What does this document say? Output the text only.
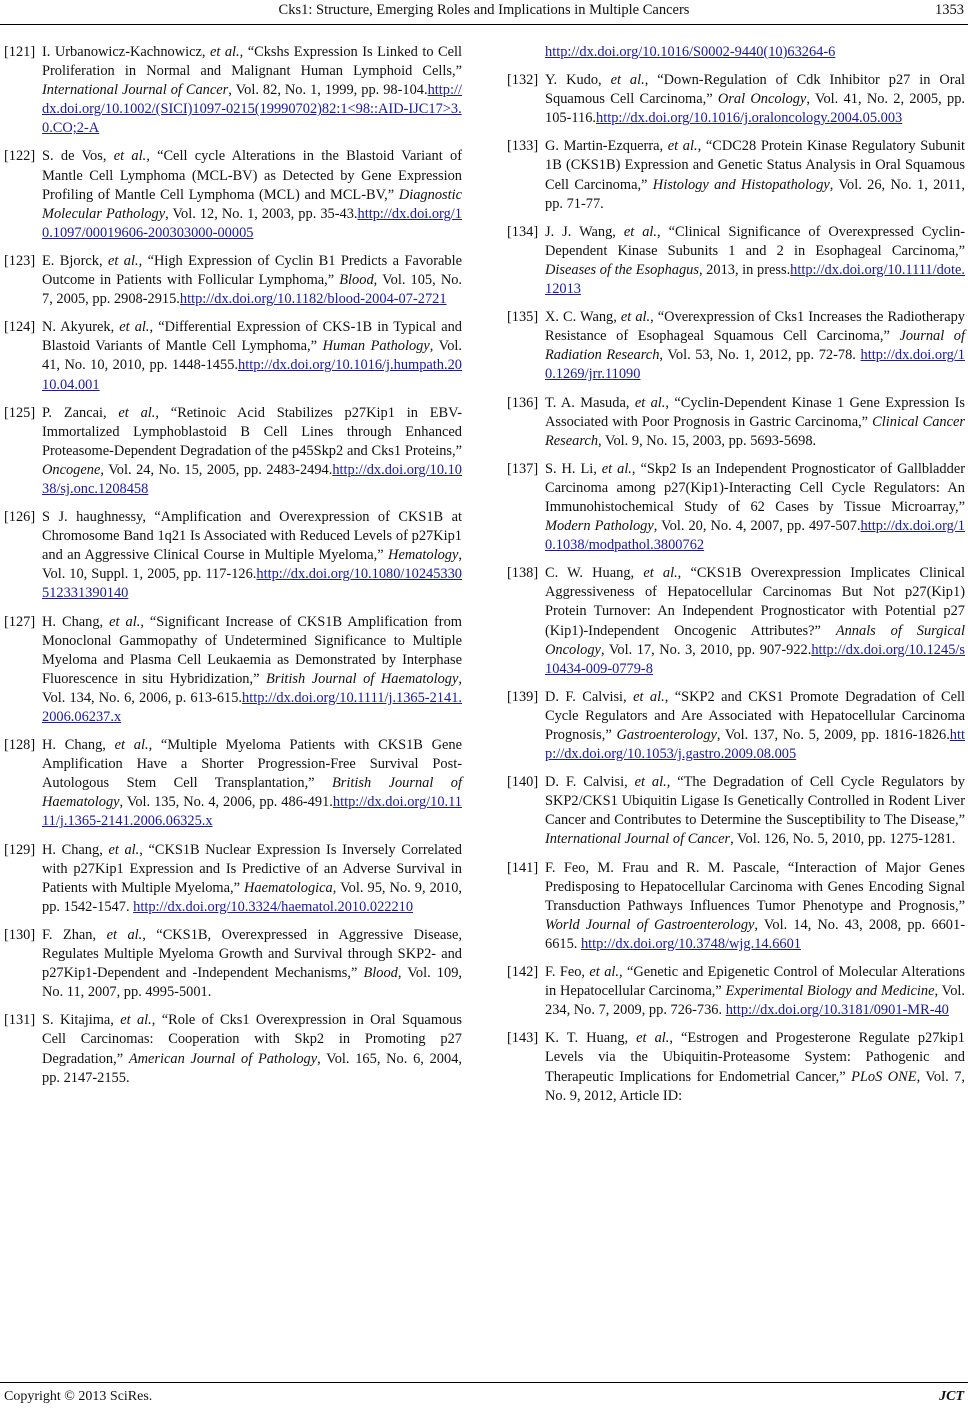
Cks1: Structure, Emerging Roles and Implications in Multiple Cancers	1353
[121] I. Urbanowicz-Kachnowicz, et al., “Ckshs Expression Is Linked to Cell Proliferation in Normal and Malignant Human Lymphoid Cells,” International Journal of Cancer, Vol. 82, No. 1, 1999, pp. 98-104.http://dx.doi.org/10.1002/(SICI)1097-0215(19990702)82:1<98::AID-IJC17>3.0.CO;2-A
[122] S. de Vos, et al., “Cell cycle Alterations in the Blastoid Variant of Mantle Cell Lymphoma (MCL-BV) as Detected by Gene Expression Profiling of Mantle Cell Lymphoma (MCL) and MCL-BV,” Diagnostic Molecular Pathology, Vol. 12, No. 1, 2003, pp. 35-43.http://dx.doi.org/10.1097/00019606-200303000-00005
[123] E. Bjorck, et al., “High Expression of Cyclin B1 Predicts a Favorable Outcome in Patients with Follicular Lymphoma,” Blood, Vol. 105, No. 7, 2005, pp. 2908-2915.http://dx.doi.org/10.1182/blood-2004-07-2721
[124] N. Akyurek, et al., “Differential Expression of CKS-1B in Typical and Blastoid Variants of Mantle Cell Lymphoma,” Human Pathology, Vol. 41, No. 10, 2010, pp. 1448-1455.http://dx.doi.org/10.1016/j.humpath.2010.04.001
[125] P. Zancai, et al., “Retinoic Acid Stabilizes p27Kip1 in EBV-Immortalized Lymphoblastoid B Cell Lines through Enhanced Proteasome-Dependent Degradation of the p45Skp2 and Cks1 Proteins,” Oncogene, Vol. 24, No. 15, 2005, pp. 2483-2494.http://dx.doi.org/10.1038/sj.onc.1208458
[126] S J. haughnessy, “Amplification and Overexpression of CKS1B at Chromosome Band 1q21 Is Associated with Reduced Levels of p27Kip1 and an Aggressive Clinical Course in Multiple Myeloma,” Hematology, Vol. 10, Suppl. 1, 2005, pp. 117-126.http://dx.doi.org/10.1080/10245330512331390140
[127] H. Chang, et al., “Significant Increase of CKS1B Amplification from Monoclonal Gammopathy of Undetermined Significance to Multiple Myeloma and Plasma Cell Leukaemia as Demonstrated by Interphase Fluorescence in situ Hybridization,” British Journal of Haematology, Vol. 134, No. 6, 2006, p. 613-615.http://dx.doi.org/10.1111/j.1365-2141.2006.06237.x
[128] H. Chang, et al., “Multiple Myeloma Patients with CKS1B Gene Amplification Have a Shorter Progression-Free Survival Post-Autologous Stem Cell Transplantation,” British Journal of Haematology, Vol. 135, No. 4, 2006, pp. 486-491.http://dx.doi.org/10.1111/j.1365-2141.2006.06325.x
[129] H. Chang, et al., “CKS1B Nuclear Expression Is Inversely Correlated with p27Kip1 Expression and Is Predictive of an Adverse Survival in Patients with Multiple Myeloma,” Haematologica, Vol. 95, No. 9, 2010, pp. 1542-1547. http://dx.doi.org/10.3324/haematol.2010.022210
[130] F. Zhan, et al., “CKS1B, Overexpressed in Aggressive Disease, Regulates Multiple Myeloma Growth and Survival through SKP2- and p27Kip1-Dependent and -Independent Mechanisms,” Blood, Vol. 109, No. 11, 2007, pp. 4995-5001.
[131] S. Kitajima, et al., “Role of Cks1 Overexpression in Oral Squamous Cell Carcinomas: Cooperation with Skp2 in Promoting p27 Degradation,” American Journal of Pathology, Vol. 165, No. 6, 2004, pp. 2147-2155.
http://dx.doi.org/10.1016/S0002-9440(10)63264-6
[132] Y. Kudo, et al., “Down-Regulation of Cdk Inhibitor p27 in Oral Squamous Cell Carcinoma,” Oral Oncology, Vol. 41, No. 2, 2005, pp. 105-116.http://dx.doi.org/10.1016/j.oraloncology.2004.05.003
[133] G. Martin-Ezquerra, et al., “CDC28 Protein Kinase Regulatory Subunit 1B (CKS1B) Expression and Genetic Status Analysis in Oral Squamous Cell Carcinoma,” Histology and Histopathology, Vol. 26, No. 1, 2011, pp. 71-77.
[134] J. J. Wang, et al., “Clinical Significance of Overexpressed Cyclin-Dependent Kinase Subunits 1 and 2 in Esophageal Carcinoma,” Diseases of the Esophagus, 2013, in press.http://dx.doi.org/10.1111/dote.12013
[135] X. C. Wang, et al., “Overexpression of Cks1 Increases the Radiotherapy Resistance of Esophageal Squamous Cell Carcinoma,” Journal of Radiation Research, Vol. 53, No. 1, 2012, pp. 72-78. http://dx.doi.org/10.1269/jrr.11090
[136] T. A. Masuda, et al., “Cyclin-Dependent Kinase 1 Gene Expression Is Associated with Poor Prognosis in Gastric Carcinoma,” Clinical Cancer Research, Vol. 9, No. 15, 2003, pp. 5693-5698.
[137] S. H. Li, et al., “Skp2 Is an Independent Prognosticator of Gallbladder Carcinoma among p27(Kip1)-Interacting Cell Cycle Regulators: An Immunohistochemical Study of 62 Cases by Tissue Microarray,” Modern Pathology, Vol. 20, No. 4, 2007, pp. 497-507.http://dx.doi.org/10.1038/modpathol.3800762
[138] C. W. Huang, et al., “CKS1B Overexpression Implicates Clinical Aggressiveness of Hepatocellular Carcinomas But Not p27(Kip1) Protein Turnover: An Independent Prognosticator with Potential p27 (Kip1)-Independent Oncogenic Attributes?” Annals of Surgical Oncology, Vol. 17, No. 3, 2010, pp. 907-922.http://dx.doi.org/10.1245/s10434-009-0779-8
[139] D. F. Calvisi, et al., “SKP2 and CKS1 Promote Degradation of Cell Cycle Regulators and Are Associated with Hepatocellular Carcinoma Prognosis,” Gastroenterology, Vol. 137, No. 5, 2009, pp. 1816-1826.http://dx.doi.org/10.1053/j.gastro.2009.08.005
[140] D. F. Calvisi, et al., “The Degradation of Cell Cycle Regulators by SKP2/CKS1 Ubiquitin Ligase Is Genetically Controlled in Rodent Liver Cancer and Contributes to Determine the Susceptibility to The Disease,” International Journal of Cancer, Vol. 126, No. 5, 2010, pp. 1275-1281.
[141] F. Feo, M. Frau and R. M. Pascale, “Interaction of Major Genes Predisposing to Hepatocellular Carcinoma with Genes Encoding Signal Transduction Pathways Influences Tumor Phenotype and Prognosis,” World Journal of Gastroenterology, Vol. 14, No. 43, 2008, pp. 6601-6615. http://dx.doi.org/10.3748/wjg.14.6601
[142] F. Feo, et al., “Genetic and Epigenetic Control of Molecular Alterations in Hepatocellular Carcinoma,” Experimental Biology and Medicine, Vol. 234, No. 7, 2009, pp. 726-736. http://dx.doi.org/10.3181/0901-MR-40
[143] K. T. Huang, et al., “Estrogen and Progesterone Regulate p27kip1 Levels via the Ubiquitin-Proteasome System: Pathogenic and Therapeutic Implications for Endometrial Cancer,” PLoS ONE, Vol. 7, No. 9, 2012, Article ID:
Copyright © 2013 SciRes.	JCT
